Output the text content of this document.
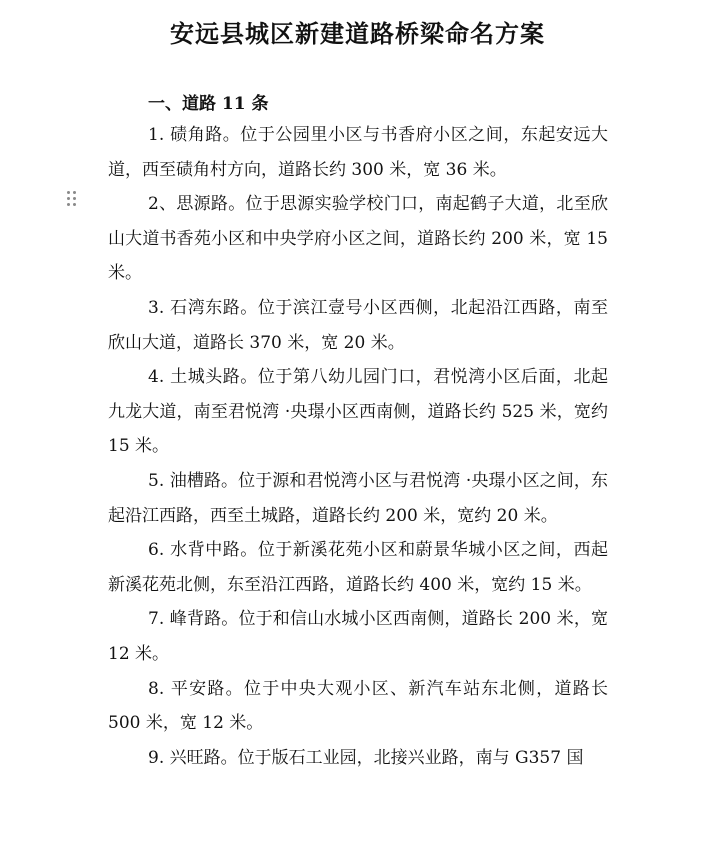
安远县城区新建道路桥梁命名方案
一、道路 11 条

1. 碛角路。位于公园里小区与书香府小区之间，东起安远大道，西至碛角村方向，道路长约 300 米，宽 36 米。

2、思源路。位于思源实验学校门口，南起鹤子大道，北至欣山大道书香苑小区和中央学府小区之间，道路长约 200 米，宽 15 米。

3. 石湾东路。位于滨江壹号小区西侧，北起沿江西路，南至欣山大道，道路长 370 米，宽 20 米。

4. 土城头路。位于第八幼儿园门口，君悦湾小区后面，北起九龙大道，南至君悦湾 ·央璟小区西南侧，道路长约 525 米，宽约 15 米。

5. 油槽路。位于源和君悦湾小区与君悦湾 ·央璟小区之间，东起沿江西路，西至土城路，道路长约 200 米，宽约 20 米。

6. 水背中路。位于新溪花苑小区和蔚景华城小区之间，西起新溪花苑北侧，东至沿江西路，道路长约 400 米，宽约 15 米。

7. 峰背路。位于和信山水城小区西南侧，道路长 200 米，宽 12 米。

8. 平安路。位于中央大观小区、新汽车站东北侧，道路长 500 米，宽 12 米。

9. 兴旺路。位于版石工业园，北接兴业路，南与 G357 国
